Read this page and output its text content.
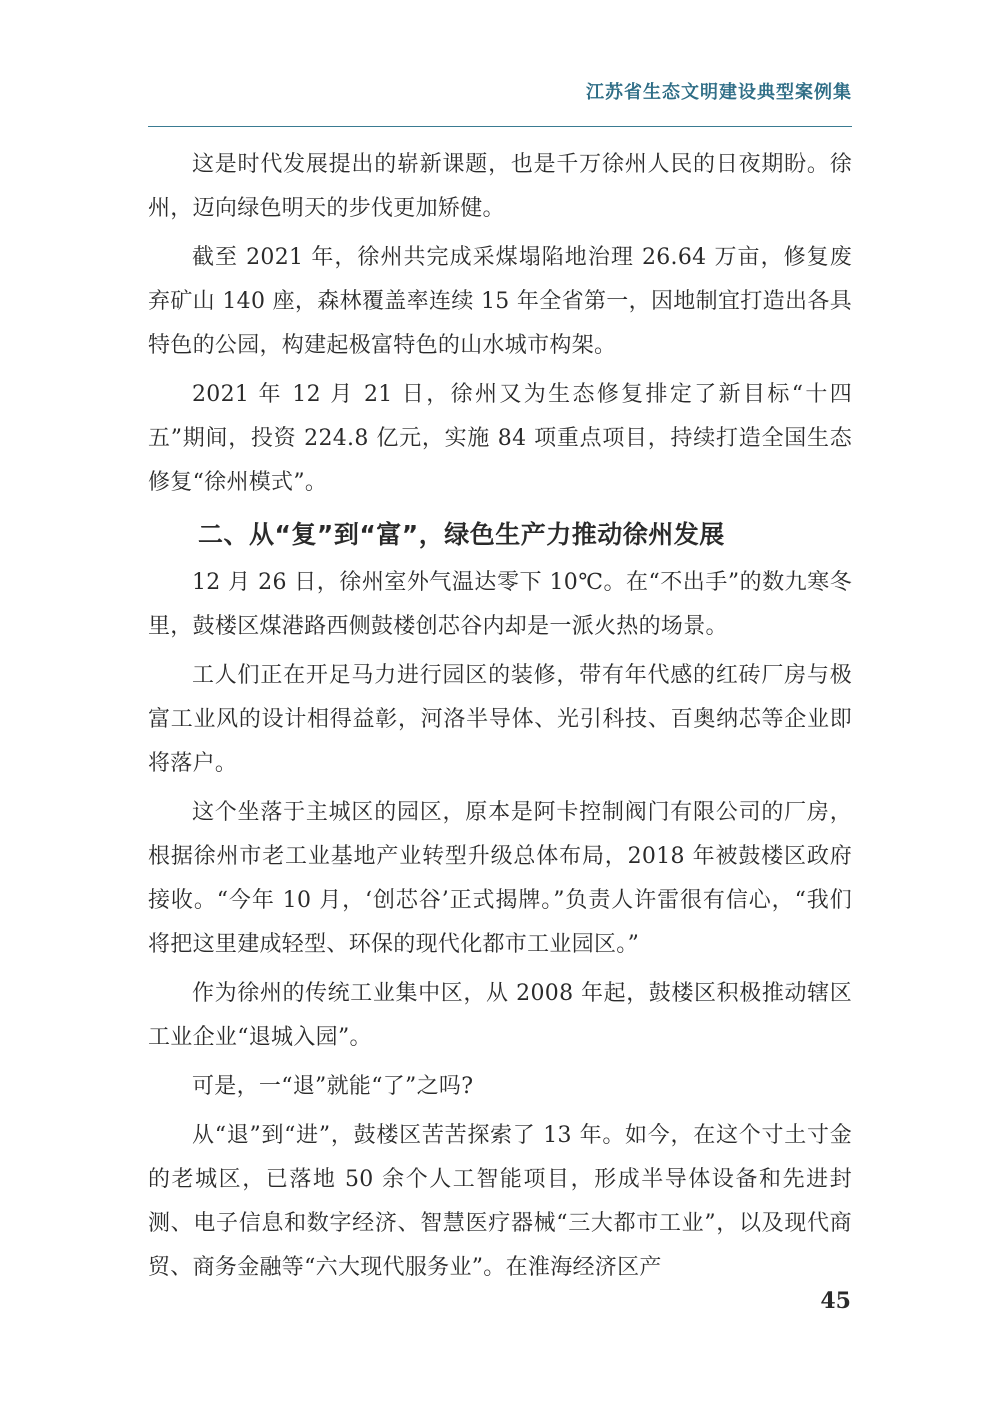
江苏省生态文明建设典型案例集

这是时代发展提出的崭新课题，也是千万徐州人民的日夜期盼。徐州，迈向绿色明天的步伐更加矫健。

截至 2021 年，徐州共完成采煤塌陷地治理 26.64 万亩，修复废弃矿山 140 座，森林覆盖率连续 15 年全省第一，因地制宜打造出各具特色的公园，构建起极富特色的山水城市构架。

2021 年 12 月 21 日，徐州又为生态修复排定了新目标“十四五”期间，投资 224.8 亿元，实施 84 项重点项目，持续打造全国生态修复“徐州模式”。

二、从“复”到“富”，绿色生产力推动徐州发展

12 月 26 日，徐州室外气温达零下 10℃。在“不出手”的数九寒冬里，鼓楼区煤港路西侧鼓楼创芯谷内却是一派火热的场景。

工人们正在开足马力进行园区的装修，带有年代感的红砖厂房与极富工业风的设计相得益彰，河洛半导体、光引科技、百奥纳芯等企业即将落户。

这个坐落于主城区的园区，原本是阿卡控制阀门有限公司的厂房，根据徐州市老工业基地产业转型升级总体布局，2018 年被鼓楼区政府接收。“今年 10 月，‘创芯谷’正式揭牌。”负责人许雷很有信心，“我们将把这里建成轻型、环保的现代化都市工业园区。”

作为徐州的传统工业集中区，从 2008 年起，鼓楼区积极推动辖区工业企业“退城入园”。

可是，一“退”就能“了”之吗?

从“退”到“进”，鼓楼区苦苦探索了 13 年。如今，在这个寸土寸金的老城区，已落地 50 余个人工智能项目，形成半导体设备和先进封测、电子信息和数字经济、智慧医疗器械“三大都市工业”，以及现代商贸、商务金融等“六大现代服务业”。在淮海经济区产

45
